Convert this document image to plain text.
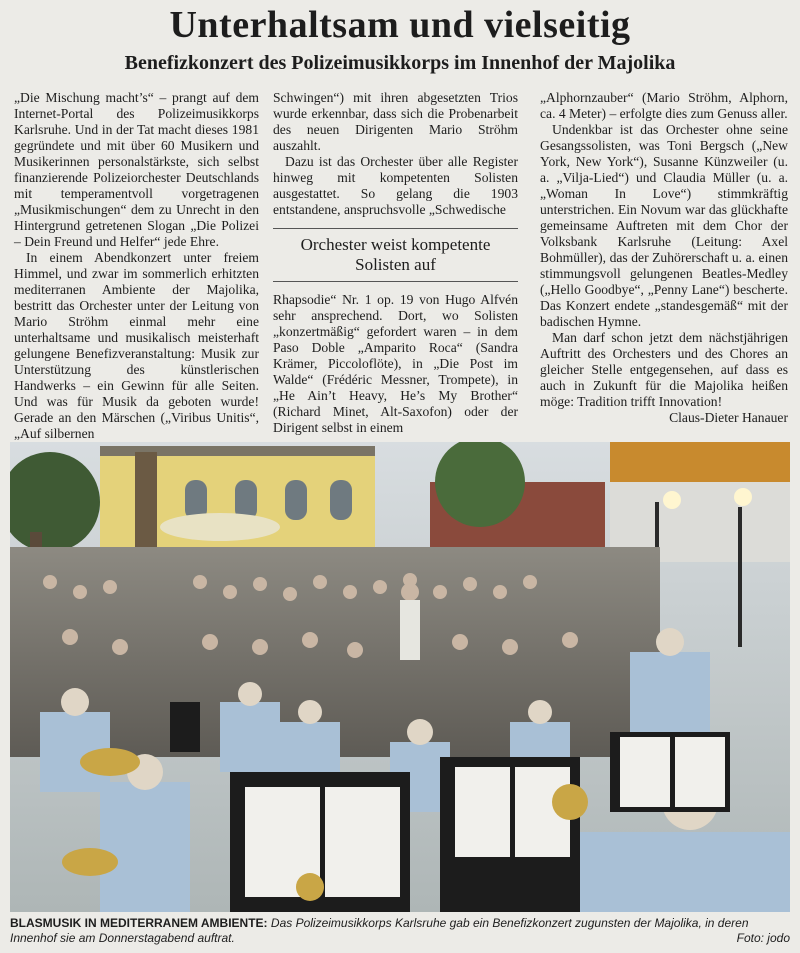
Unterhaltsam und vielseitig
Benefizkonzert des Polizeimusikkorps im Innenhof der Majolika

„Die Mischung macht’s“ – prangt auf dem Internet-Portal des Polizeimusikkorps Karlsruhe. Und in der Tat macht dieses 1981 gegründete und mit über 60 Musikern und Musikerinnen personalstärkste, sich selbst finanzierende Polizeiorchester Deutschlands mit temperamentvoll vorgetragenen „Musikmischungen“ dem zu Unrecht in den Hintergrund getretenen Slogan „Die Polizei – Dein Freund und Helfer“ jede Ehre.

In einem Abendkonzert unter freiem Himmel, und zwar im sommerlich erhitzten mediterranen Ambiente der Majolika, bestritt das Orchester unter der Leitung von Mario Ströhm einmal mehr eine unterhaltsame und musikalisch meisterhaft gelungene Benefizveranstaltung: Musik zur Unterstützung des künstlerischen Handwerks – ein Gewinn für alle Seiten. Und was für Musik da geboten wurde! Gerade an den Märschen („Viribus Unitis“, „Auf silbernen

Schwingen“) mit ihren abgesetzten Trios wurde erkennbar, dass sich die Probenarbeit des neuen Dirigenten Mario Ströhm auszahlt.

Dazu ist das Orchester über alle Register hinweg mit kompetenten Solisten ausgestattet. So gelang die 1903 entstandene, anspruchsvolle „Schwedische

Orchester weist kompetente Solisten auf

Rhapsodie“ Nr. 1 op. 19 von Hugo Alfvén sehr ansprechend. Dort, wo Solisten „konzertmäßig“ gefordert waren – in dem Paso Doble „Amparito Roca“ (Sandra Krämer, Piccoloflöte), in „Die Post im Walde“ (Frédéric Messner, Trompete), in „He Ain’t Heavy, He’s My Brother“ (Richard Minet, Alt-Saxofon) oder der Dirigent selbst in einem

„Alphornzauber“ (Mario Ströhm, Alphorn, ca. 4 Meter) – erfolgte dies zum Genuss aller.

Undenkbar ist das Orchester ohne seine Gesangssolisten, was Toni Bergsch („New York, New York“), Susanne Künzweiler (u. a. „Vilja-Lied“) und Claudia Müller (u. a. „Woman In Love“) stimmkräftig unterstrichen. Ein Novum war das glückhafte gemeinsame Auftreten mit dem Chor der Volksbank Karlsruhe (Leitung: Axel Bohmüller), das der Zuhörerschaft u. a. einen stimmungsvoll gelungenen Beatles-Medley („Hello Goodbye“, „Penny Lane“) bescherte. Das Konzert endete „standesgemäß“ mit der badischen Hymne.

Man darf schon jetzt dem nächstjährigen Auftritt des Orchesters und des Chores an gleicher Stelle entgegensehen, auf dass es auch in Zukunft für die Majolika heißen möge: Tradition trifft Innovation!
Claus-Dieter Hanauer

BLASMUSIK IN MEDITERRANEM AMBIENTE: Das Polizeimusikkorps Karlsruhe gab ein Benefizkonzert zugunsten der Majolika, in deren Innenhof sie am Donnerstagabend auftrat.	Foto: jodo
